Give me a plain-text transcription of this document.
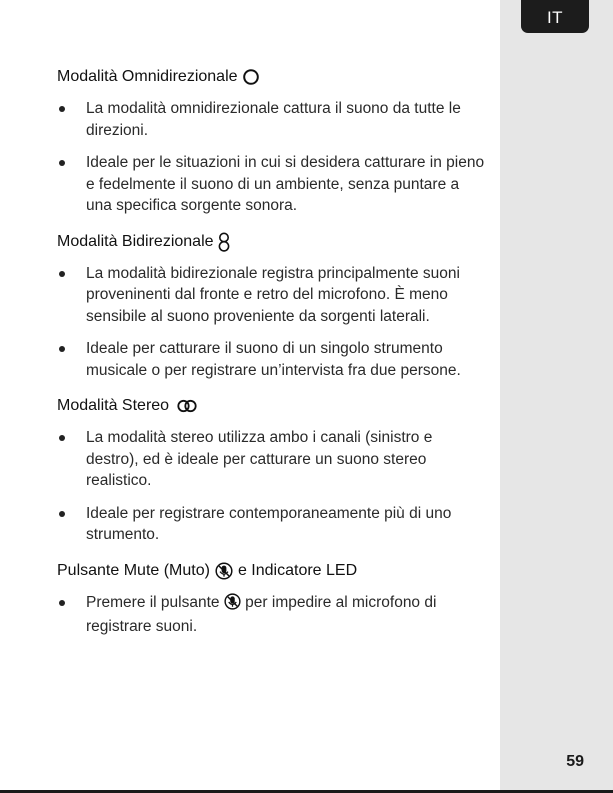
IT
Modalità Omnidirezionale
La modalità omnidirezionale cattura il suono da tutte le direzioni.
Ideale per le situazioni in cui si desidera catturare in pieno e fedelmente il suono di un ambiente, senza puntare a una specifica sorgente sonora.
Modalità Bidirezionale
La modalità bidirezionale registra principalmente suoni proveninenti dal fronte e retro del microfono. È meno sensibile al suono proveniente da sorgenti laterali.
Ideale per catturare il suono di un singolo strumento musicale o per registrare un’intervista fra due persone.
Modalità Stereo
La modalità stereo utilizza ambo i canali (sinistro e destro), ed è ideale per catturare un suono stereo realistico.
Ideale per registrare contemporaneamente più di uno strumento.
Pulsante Mute (Muto) e Indicatore LED
Premere il pulsante per impedire al microfono di registrare suoni.
59
